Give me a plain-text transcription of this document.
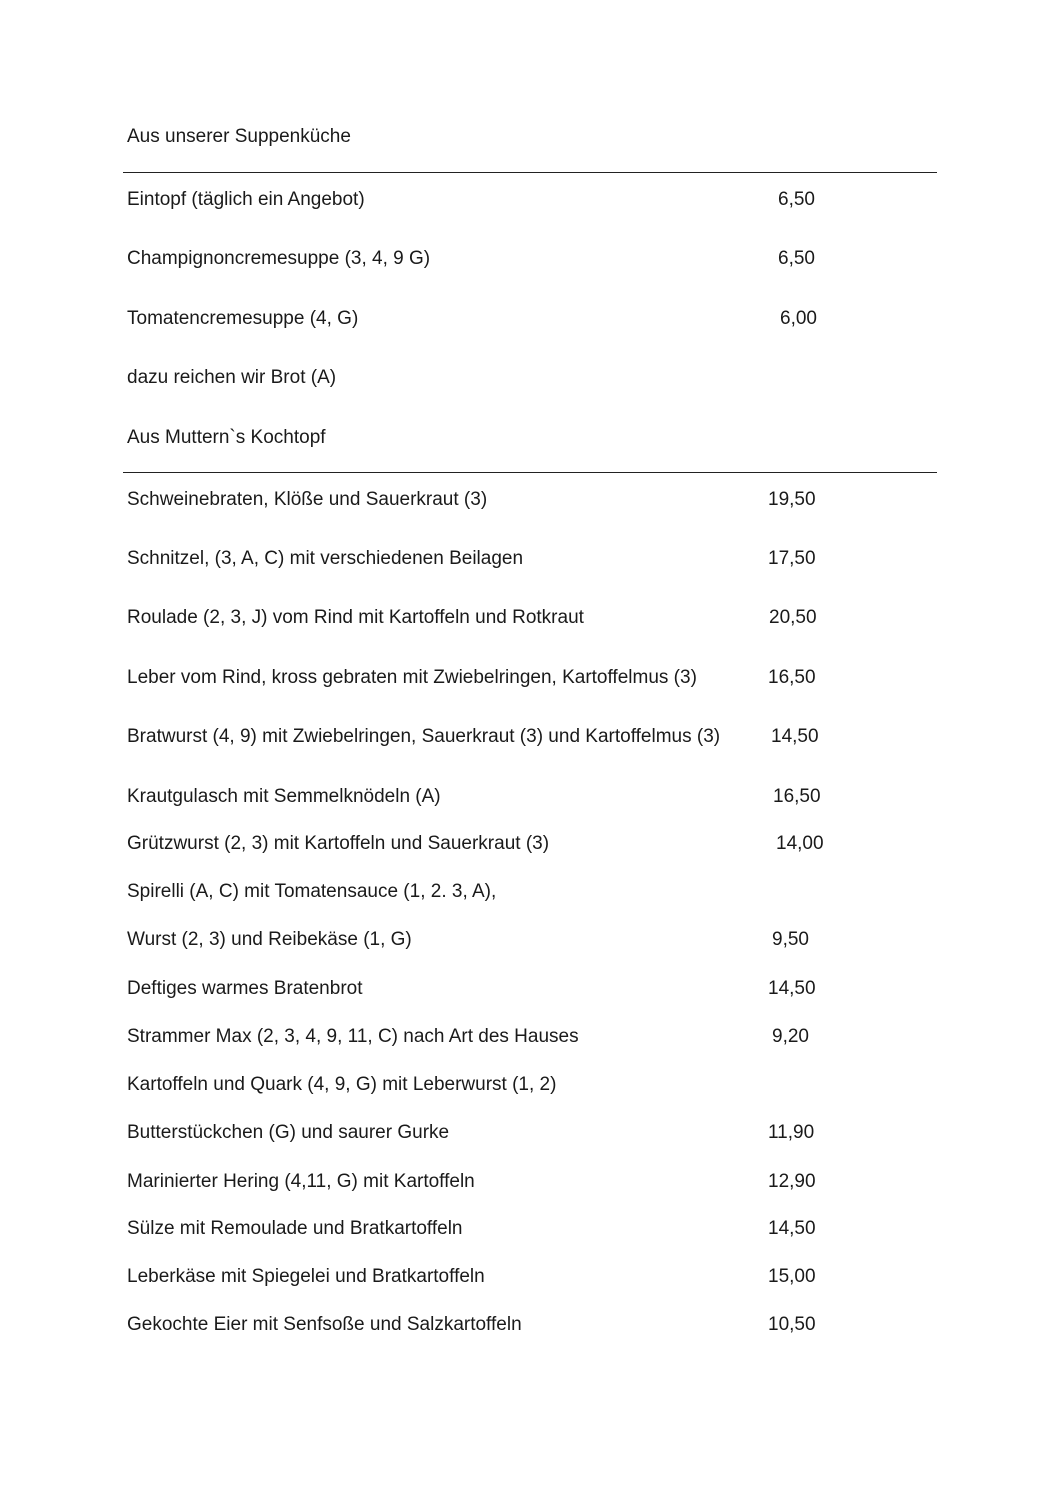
Aus unserer Suppenküche
Eintopf (täglich ein Angebot)	6,50
Champignoncremesuppe (3, 4, 9 G)	6,50
Tomatencremesuppe (4, G)	6,00
dazu reichen wir Brot (A)
Aus Muttern`s Kochtopf
Schweinebraten, Klöße und Sauerkraut (3)	19,50
Schnitzel, (3, A, C) mit verschiedenen Beilagen	17,50
Roulade (2, 3, J) vom Rind mit Kartoffeln und Rotkraut	20,50
Leber vom Rind, kross gebraten mit Zwiebelringen, Kartoffelmus (3)	16,50
Bratwurst (4, 9) mit Zwiebelringen, Sauerkraut (3) und Kartoffelmus (3)	14,50
Krautgulasch mit Semmelknödeln (A)	16,50
Grützwurst (2, 3) mit Kartoffeln und Sauerkraut (3)	14,00
Spirelli (A, C) mit Tomatensauce (1, 2. 3, A),
Wurst (2, 3) und Reibekäse (1, G)	9,50
Deftiges warmes Bratenbrot	14,50
Strammer Max (2, 3, 4, 9, 11, C) nach Art des Hauses	9,20
Kartoffeln und Quark (4, 9, G) mit Leberwurst (1, 2)
Butterstückchen (G) und saurer Gurke	11,90
Marinierter Hering (4,11, G) mit Kartoffeln	12,90
Sülze mit Remoulade und Bratkartoffeln	14,50
Leberkäse mit Spiegelei und Bratkartoffeln	15,00
Gekochte Eier mit Senfsoße und Salzkartoffeln	10,50
